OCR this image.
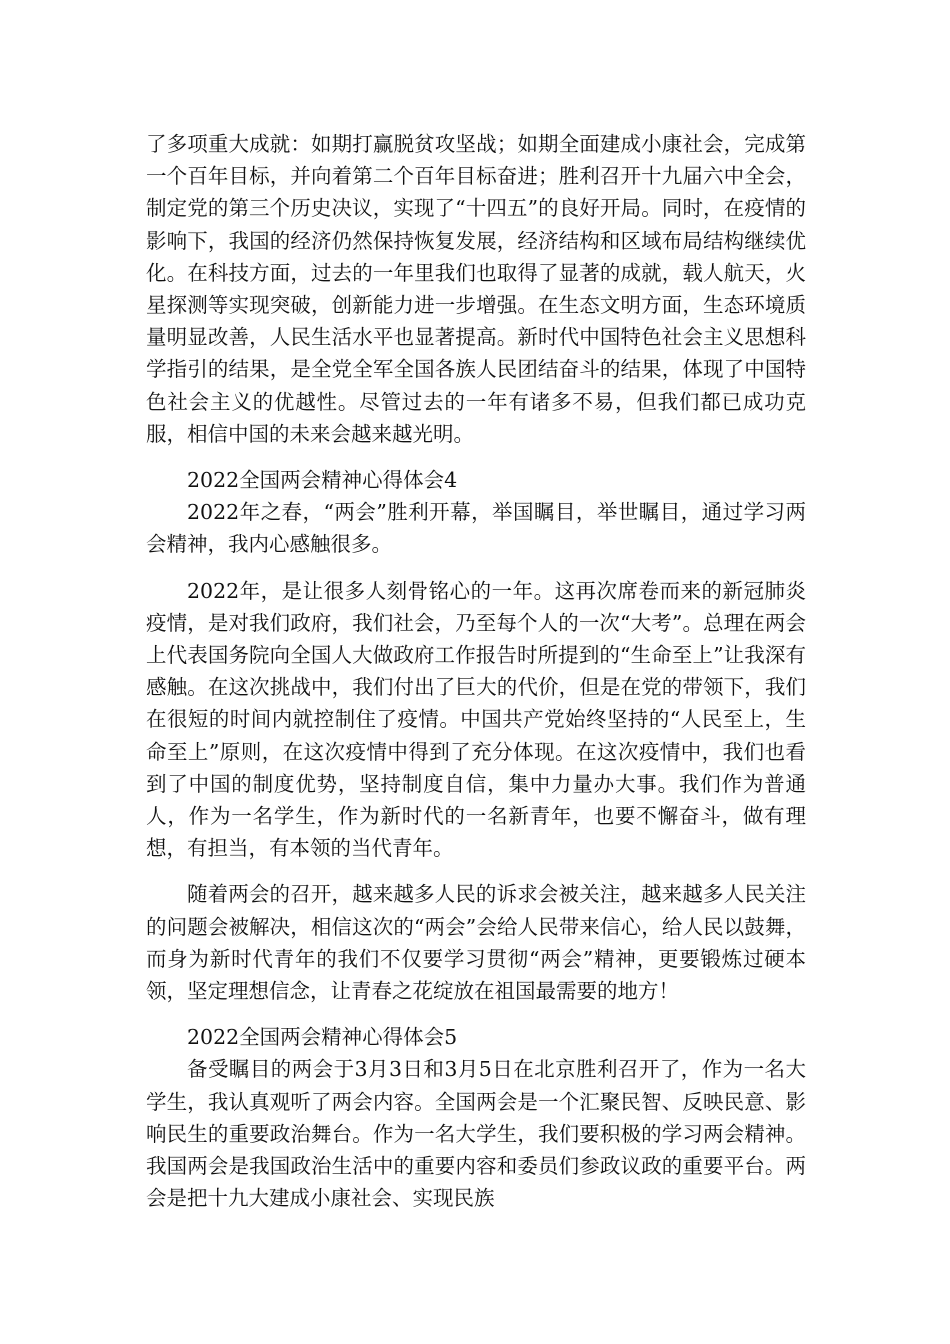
了多项重大成就：如期打赢脱贫攻坚战；如期全面建成小康社会，完成第一个百年目标，并向着第二个百年目标奋进；胜利召开十九届六中全会，制定党的第三个历史决议，实现了“十四五”的良好开局。同时，在疫情的影响下，我国的经济仍然保持恢复发展，经济结构和区域布局结构继续优化。在科技方面，过去的一年里我们也取得了显著的成就，载人航天，火星探测等实现突破，创新能力进一步增强。在生态文明方面，生态环境质量明显改善，人民生活水平也显著提高。新时代中国特色社会主义思想科学指引的结果，是全党全军全国各族人民团结奋斗的结果，体现了中国特色社会主义的优越性。尽管过去的一年有诸多不易，但我们都已成功克服，相信中国的未来会越来越光明。

2022全国两会精神心得体会4

2022年之春，“两会”胜利开幕，举国瞩目，举世瞩目，通过学习两会精神，我内心感触很多。

2022年，是让很多人刻骨铭心的一年。这再次席卷而来的新冠肺炎疫情，是对我们政府，我们社会，乃至每个人的一次“大考”。总理在两会上代表国务院向全国人大做政府工作报告时所提到的“生命至上”让我深有感触。在这次挑战中，我们付出了巨大的代价，但是在党的带领下，我们在很短的时间内就控制住了疫情。中国共产党始终坚持的“人民至上，生命至上”原则，在这次疫情中得到了充分体现。在这次疫情中，我们也看到了中国的制度优势，坚持制度自信，集中力量办大事。我们作为普通人，作为一名学生，作为新时代的一名新青年，也要不懈奋斗，做有理想，有担当，有本领的当代青年。

随着两会的召开，越来越多人民的诉求会被关注，越来越多人民关注的问题会被解决，相信这次的“两会”会给人民带来信心，给人民以鼓舞，而身为新时代青年的我们不仅要学习贯彻“两会”精神，更要锻炼过硬本领，坚定理想信念，让青春之花绽放在祖国最需要的地方！

2022全国两会精神心得体会5

备受瞩目的两会于3月3日和3月5日在北京胜利召开了，作为一名大学生，我认真观听了两会内容。全国两会是一个汇聚民智、反映民意、影响民生的重要政治舞台。作为一名大学生，我们要积极的学习两会精神。我国两会是我国政治生活中的重要内容和委员们参政议政的重要平台。两会是把十九大建成小康社会、实现民族
